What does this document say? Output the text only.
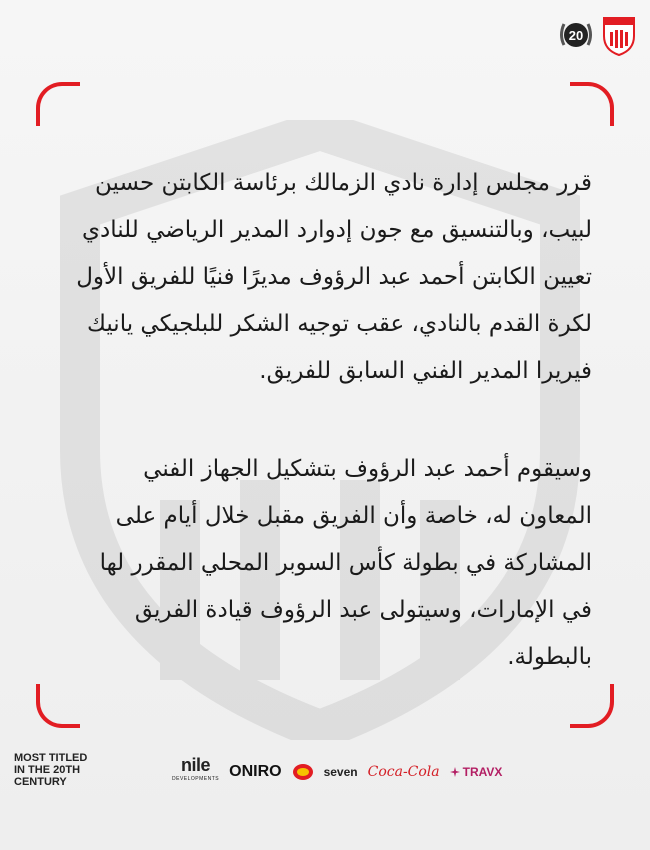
20
قرر مجلس إدارة نادي الزمالك برئاسة الكابتن حسين لبيب، وبالتنسيق مع جون إدوارد المدير الرياضي للنادي تعيين الكابتن أحمد عبد الرؤوف مديرًا فنيًا للفريق الأول لكرة القدم بالنادي، عقب توجيه الشكر للبلجيكي يانيك فيريرا المدير الفني السابق للفريق.
وسيقوم أحمد عبد الرؤوف بتشكيل الجهاز الفني المعاون له، خاصة وأن الفريق مقبل خلال أيام على المشاركة في بطولة كأس السوبر المحلي المقرر لها في الإمارات، وسيتولى عبد الرؤوف قيادة الفريق بالبطولة.
MOST TITLED
IN THE 20TH
CENTURY
nile
DEVELOPMENTS ONIRO	seven Coca-Cola TRAVX
